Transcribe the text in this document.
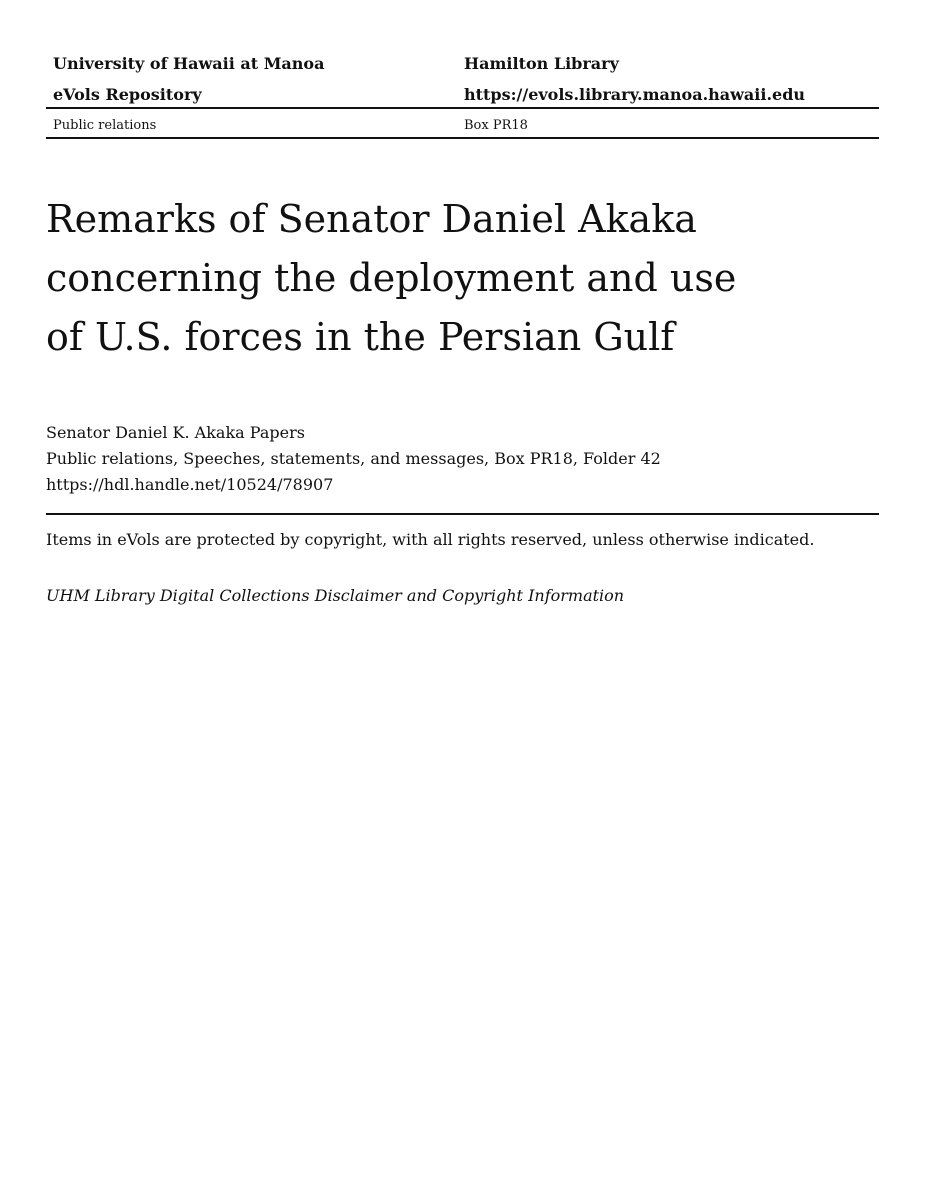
University of Hawaii at Manoa	Hamilton Library
eVols Repository	https://evols.library.manoa.hawaii.edu
Public relations	Box PR18
Remarks of Senator Daniel Akaka
concerning the deployment and use
of U.S. forces in the Persian Gulf
Senator Daniel K. Akaka Papers
Public relations, Speeches, statements, and messages, Box PR18, Folder 42
https://hdl.handle.net/10524/78907
Items in eVols are protected by copyright, with all rights reserved, unless otherwise indicated.
UHM Library Digital Collections Disclaimer and Copyright Information
